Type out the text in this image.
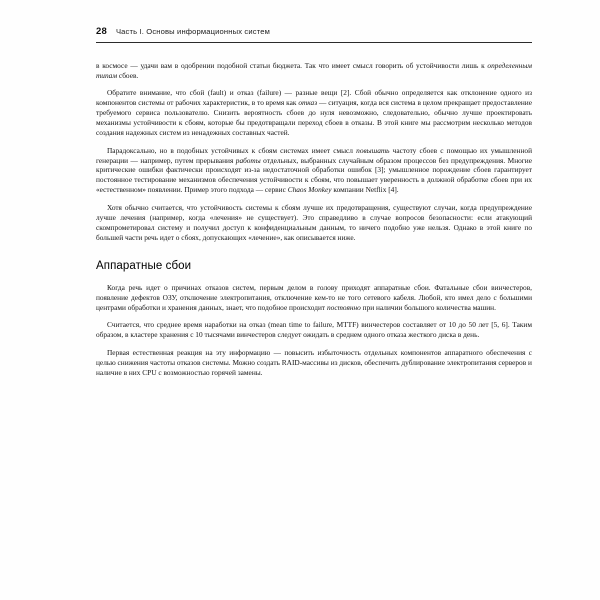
28 Часть I. Основы информационных систем

в космосе — удачи вам в одобрении подобной статьи бюджета. Так что имеет смысл говорить об устойчивости лишь к определенным типам сбоев.

Обратите внимание, что сбой (fault) и отказ (failure) — разные вещи [2]. Сбой обычно определяется как отклонение одного из компонентов системы от рабочих характеристик, в то время как отказ — ситуация, когда вся система в целом прекращает предоставление требуемого сервиса пользователю. Снизить вероятность сбоев до нуля невозможно, следовательно, обычно лучше проектировать механизмы устойчивости к сбоям, которые бы предотвращали переход сбоев в отказы. В этой книге мы рассмотрим несколько методов создания надежных систем из ненадежных составных частей.

Парадоксально, но в подобных устойчивых к сбоям системах имеет смысл повышать частоту сбоев с помощью их умышленной генерации — например, путем прерывания работы отдельных, выбранных случайным образом процессов без предупреждения. Многие критические ошибки фактически происходят из-за недостаточной обработки ошибок [3]; умышленное порождение сбоев гарантирует постоянное тестирование механизмов обеспечения устойчивости к сбоям, что повышает уверенность в должной обработке сбоев при их «естественном» появлении. Пример этого подхода — сервис Chaos Monkey компании Netflix [4].

Хотя обычно считается, что устойчивость системы к сбоям лучше их предотвращения, существуют случаи, когда предупреждение лучше лечения (например, когда «лечения» не существует). Это справедливо в случае вопросов безопасности: если атакующий скомпрометировал систему и получил доступ к конфиденциальным данным, то ничего подобно уже нельзя. Однако в этой книге по большей части речь идет о сбоях, допускающих «лечение», как описывается ниже.

Аппаратные сбои

Когда речь идет о причинах отказов систем, первым делом в голову приходят аппаратные сбои. Фатальные сбои винчестеров, появление дефектов ОЗУ, отключение электропитания, отключение кем-то не того сетевого кабеля. Любой, кто имел дело с большими центрами обработки и хранения данных, знает, что подобное происходит постоянно при наличии большого количества машин.

Считается, что среднее время наработки на отказ (mean time to failure, MTTF) винчестеров составляет от 10 до 50 лет [5, 6]. Таким образом, в кластере хранения с 10 тысячами винчестеров следует ожидать в среднем одного отказа жесткого диска в день.

Первая естественная реакция на эту информацию — повысить избыточность отдельных компонентов аппаратного обеспечения с целью снижения частоты отказов системы. Можно создать RAID-массивы из дисков, обеспечить дублирование электропитания серверов и наличие в них CPU с возможностью горячей замены.
